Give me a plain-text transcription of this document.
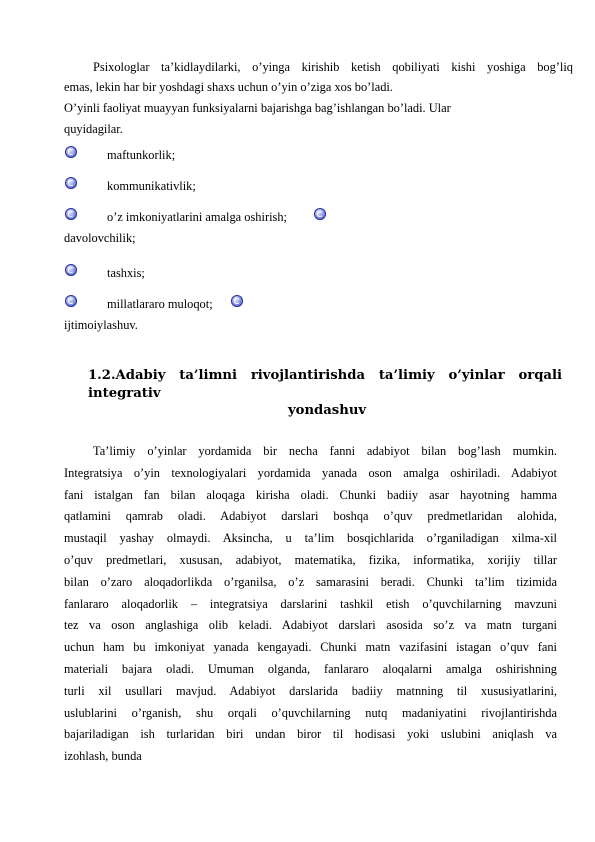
Psixologlar ta’kidlaydilarki, o’yinga kirishib ketish qobiliyati kishi yoshiga bog’liq
emas, lekin har bir yoshdagi shaxs uchun o’yin o’ziga xos bo’ladi.
O’yinli faoliyat muayyan funksiyalarni bajarishga bag’ishlangan bo’ladi. Ular
quyidagilar.
maftunkorlik;
kommunikativlik;
o’z imkoniyatlarini amalga oshirish;
davolovchilik;
tashxis;
millatlararo muloqot;
ijtimoiylashuv.
1.2.Adabiy ta’limni rivojlantirishda ta’limiy o’yinlar orqali integrativ
yondashuv
Ta’limiy o’yinlar yordamida bir necha fanni adabiyot bilan bog’lash mumkin.
Integratsiya o’yin texnologiyalari yordamida yanada oson amalga oshiriladi. Adabiyot
fani istalgan fan bilan aloqaga kirisha oladi. Chunki badiiy asar hayotning hamma
qatlamini qamrab oladi. Adabiyot darslari boshqa o’quv predmetlaridan alohida,
mustaqil yashay olmaydi. Aksincha, u ta’lim bosqichlarida o’rganiladigan xilma-xil
o’quv predmetlari, xususan, adabiyot, matematika, fizika, informatika, xorijiy tillar
bilan o’zaro aloqadorlikda o’rganilsa, o’z samarasini beradi. Chunki ta’lim tizimida
fanlararo aloqadorlik – integratsiya darslarini tashkil etish o’quvchilarning mavzuni
tez va oson anglashiga olib keladi. Adabiyot darslari asosida so’z va matn turgani
uchun ham bu imkoniyat yanada kengayadi. Chunki matn vazifasini istagan o’quv fani
materiali bajara oladi. Umuman olganda, fanlararo aloqalarni amalga oshirishning
turli xil usullari mavjud. Adabiyot darslarida badiiy matnning til xususiyatlarini,
uslublarini o’rganish, shu orqali o’quvchilarning nutq madaniyatini rivojlantirishda
bajariladigan ish turlaridan biri undan biror til hodisasi yoki uslubini aniqlash va
izohlash, bunda
